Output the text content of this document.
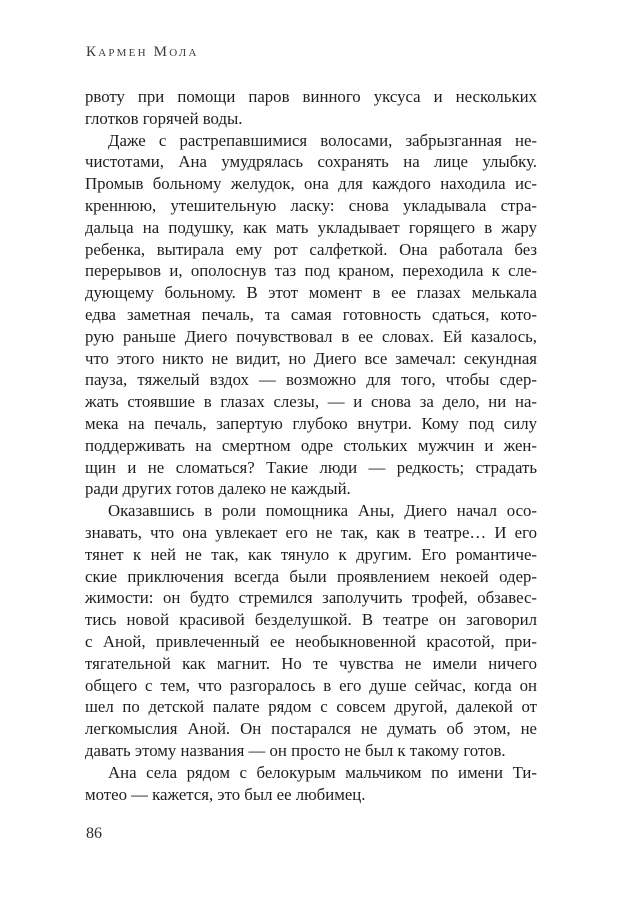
Кармен Мола
рвоту при помощи паров винного уксуса и нескольких
глотков горячей воды.
Даже с растрепавшимися волосами, забрызганная не-
чистотами, Ана умудрялась сохранять на лице улыбку.
Промыв больному желудок, она для каждого находила ис-
креннюю, утешительную ласку: снова укладывала стра-
дальца на подушку, как мать укладывает горящего в жару
ребенка, вытирала ему рот салфеткой. Она работала без
перерывов и, ополоснув таз под краном, переходила к сле-
дующему больному. В этот момент в ее глазах мелькала
едва заметная печаль, та самая готовность сдаться, кото-
рую раньше Диего почувствовал в ее словах. Ей казалось,
что этого никто не видит, но Диего все замечал: секундная
пауза, тяжелый вздох — возможно для того, чтобы сдер-
жать стоявшие в глазах слезы, — и снова за дело, ни на-
мека на печаль, запертую глубоко внутри. Кому под силу
поддерживать на смертном одре стольких мужчин и жен-
щин и не сломаться? Такие люди — редкость; страдать
ради других готов далеко не каждый.
Оказавшись в роли помощника Аны, Диего начал осо-
знавать, что она увлекает его не так, как в театре… И его
тянет к ней не так, как тянуло к другим. Его романтиче-
ские приключения всегда были проявлением некоей одер-
жимости: он будто стремился заполучить трофей, обзавес-
тись новой красивой безделушкой. В театре он заговорил
с Аной, привлеченный ее необыкновенной красотой, при-
тягательной как магнит. Но те чувства не имели ничего
общего с тем, что разгоралось в его душе сейчас, когда он
шел по детской палате рядом с совсем другой, далекой от
легкомыслия Аной. Он постарался не думать об этом, не
давать этому названия — он просто не был к такому готов.
Ана села рядом с белокурым мальчиком по имени Ти-
мотео — кажется, это был ее любимец.
86
